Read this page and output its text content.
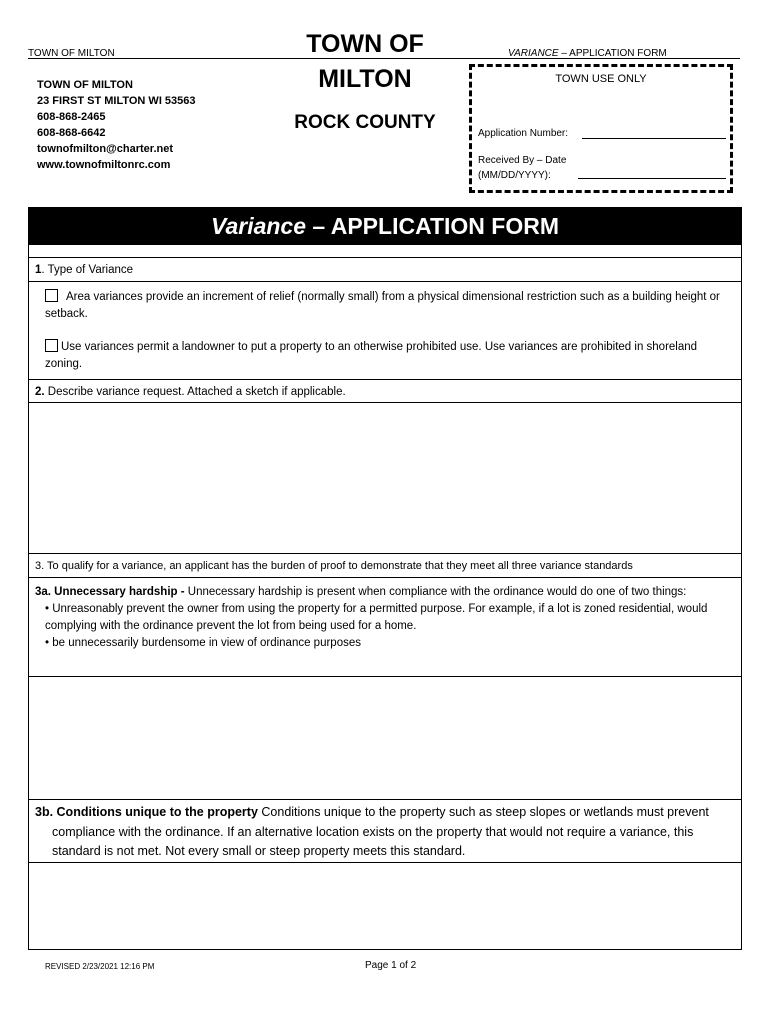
TOWN OF MILTON
TOWN OF MILTON
23 FIRST ST MILTON WI 53563
608-868-2465
608-868-6642
townofmilton@charter.net
www.townofmiltonrc.com
TOWN OF
MILTON
ROCK COUNTY
VARIANCE – APPLICATION FORM
TOWN USE ONLY
Application Number:
Received By – Date
(MM/DD/YYYY):
Variance – APPLICATION FORM
1. Type of Variance
Area variances provide an increment of relief (normally small) from a physical dimensional restriction such as a building height or setback.
Use variances permit a landowner to put a property to an otherwise prohibited use. Use variances are prohibited in shoreland zoning.
2. Describe variance request. Attached a sketch if applicable.
3. To qualify for a variance, an applicant has the burden of proof to demonstrate that they meet all three variance standards
3a. Unnecessary hardship - Unnecessary hardship is present when compliance with the ordinance would do one of two things:
• Unreasonably prevent the owner from using the property for a permitted purpose. For example, if a lot is zoned residential, would complying with the ordinance prevent the lot from being used for a home.
• be unnecessarily burdensome in view of ordinance purposes
3b. Conditions unique to the property Conditions unique to the property such as steep slopes or wetlands must prevent compliance with the ordinance. If an alternative location exists on the property that would not require a variance, this standard is not met. Not every small or steep property meets this standard.
REVISED 2/23/2021 12:16 PM	Page 1 of 2
